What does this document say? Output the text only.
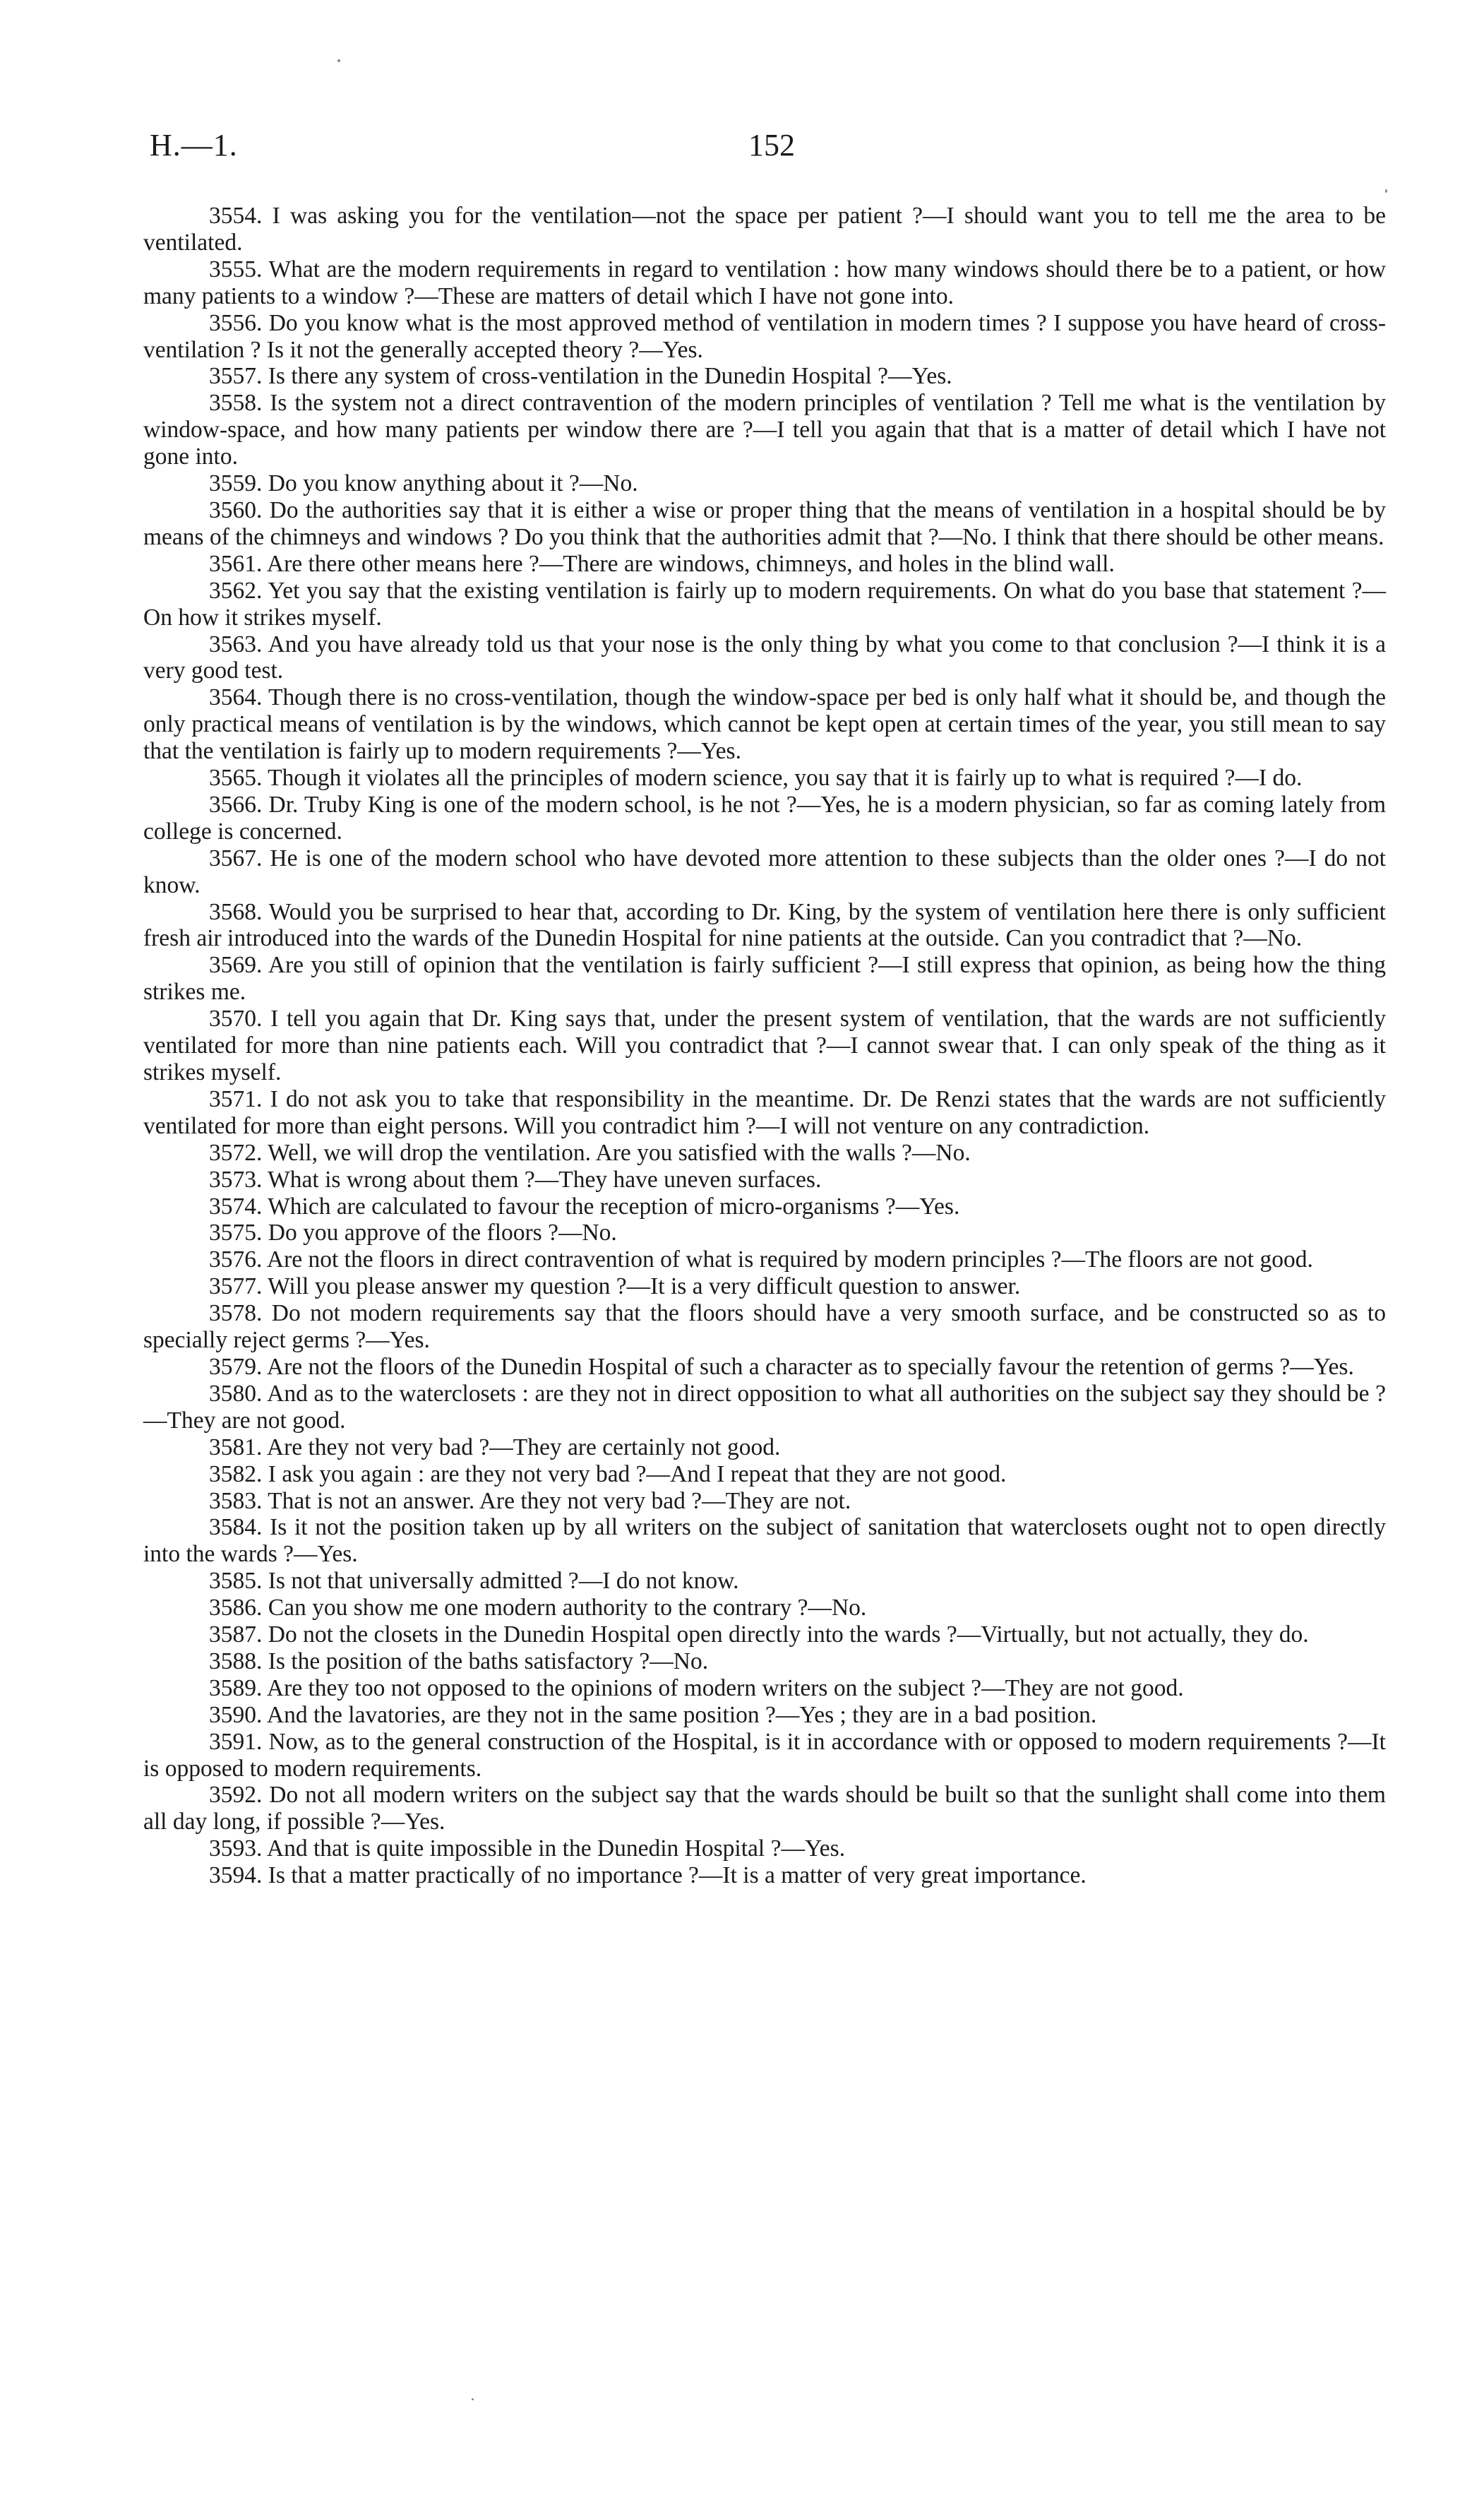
H.—1.	152

3554. I was asking you for the ventilation—not the space per patient ?—I should want you to tell me the area to be ventilated.

3555. What are the modern requirements in regard to ventilation : how many windows should there be to a patient, or how many patients to a window ?—These are matters of detail which I have not gone into.

3556. Do you know what is the most approved method of ventilation in modern times ? I suppose you have heard of cross-ventilation ? Is it not the generally accepted theory ?—Yes.

3557. Is there any system of cross-ventilation in the Dunedin Hospital ?—Yes.

3558. Is the system not a direct contravention of the modern principles of ventilation ? Tell me what is the ventilation by window-space, and how many patients per window there are ?—I tell you again that that is a matter of detail which I have not gone into.

3559. Do you know anything about it ?—No.

3560. Do the authorities say that it is either a wise or proper thing that the means of ventilation in a hospital should be by means of the chimneys and windows ? Do you think that the authorities admit that ?—No. I think that there should be other means.

3561. Are there other means here ?—There are windows, chimneys, and holes in the blind wall.

3562. Yet you say that the existing ventilation is fairly up to modern requirements. On what do you base that statement ?—On how it strikes myself.

3563. And you have already told us that your nose is the only thing by what you come to that conclusion ?—I think it is a very good test.

3564. Though there is no cross-ventilation, though the window-space per bed is only half what it should be, and though the only practical means of ventilation is by the windows, which cannot be kept open at certain times of the year, you still mean to say that the ventilation is fairly up to modern requirements ?—Yes.

3565. Though it violates all the principles of modern science, you say that it is fairly up to what is required ?—I do.

3566. Dr. Truby King is one of the modern school, is he not ?—Yes, he is a modern physician, so far as coming lately from college is concerned.

3567. He is one of the modern school who have devoted more attention to these subjects than the older ones ?—I do not know.

3568. Would you be surprised to hear that, according to Dr. King, by the system of ventilation here there is only sufficient fresh air introduced into the wards of the Dunedin Hospital for nine patients at the outside. Can you contradict that ?—No.

3569. Are you still of opinion that the ventilation is fairly sufficient ?—I still express that opinion, as being how the thing strikes me.

3570. I tell you again that Dr. King says that, under the present system of ventilation, that the wards are not sufficiently ventilated for more than nine patients each. Will you contradict that ?—I cannot swear that. I can only speak of the thing as it strikes myself.

3571. I do not ask you to take that responsibility in the meantime. Dr. De Renzi states that the wards are not sufficiently ventilated for more than eight persons. Will you contradict him ?—I will not venture on any contradiction.

3572. Well, we will drop the ventilation. Are you satisfied with the walls ?—No.

3573. What is wrong about them ?—They have uneven surfaces.

3574. Which are calculated to favour the reception of micro-organisms ?—Yes.

3575. Do you approve of the floors ?—No.

3576. Are not the floors in direct contravention of what is required by modern principles ?—The floors are not good.

3577. Will you please answer my question ?—It is a very difficult question to answer.

3578. Do not modern requirements say that the floors should have a very smooth surface, and be constructed so as to specially reject germs ?—Yes.

3579. Are not the floors of the Dunedin Hospital of such a character as to specially favour the retention of germs ?—Yes.

3580. And as to the waterclosets : are they not in direct opposition to what all authorities on the subject say they should be ?—They are not good.

3581. Are they not very bad ?—They are certainly not good.

3582. I ask you again : are they not very bad ?—And I repeat that they are not good.

3583. That is not an answer. Are they not very bad ?—They are not.

3584. Is it not the position taken up by all writers on the subject of sanitation that waterclosets ought not to open directly into the wards ?—Yes.

3585. Is not that universally admitted ?—I do not know.

3586. Can you show me one modern authority to the contrary ?—No.

3587. Do not the closets in the Dunedin Hospital open directly into the wards ?—Virtually, but not actually, they do.

3588. Is the position of the baths satisfactory ?—No.

3589. Are they too not opposed to the opinions of modern writers on the subject ?—They are not good.

3590. And the lavatories, are they not in the same position ?—Yes ; they are in a bad position.

3591. Now, as to the general construction of the Hospital, is it in accordance with or opposed to modern requirements ?—It is opposed to modern requirements.

3592. Do not all modern writers on the subject say that the wards should be built so that the sunlight shall come into them all day long, if possible ?—Yes.

3593. And that is quite impossible in the Dunedin Hospital ?—Yes.

3594. Is that a matter practically of no importance ?—It is a matter of very great importance.
